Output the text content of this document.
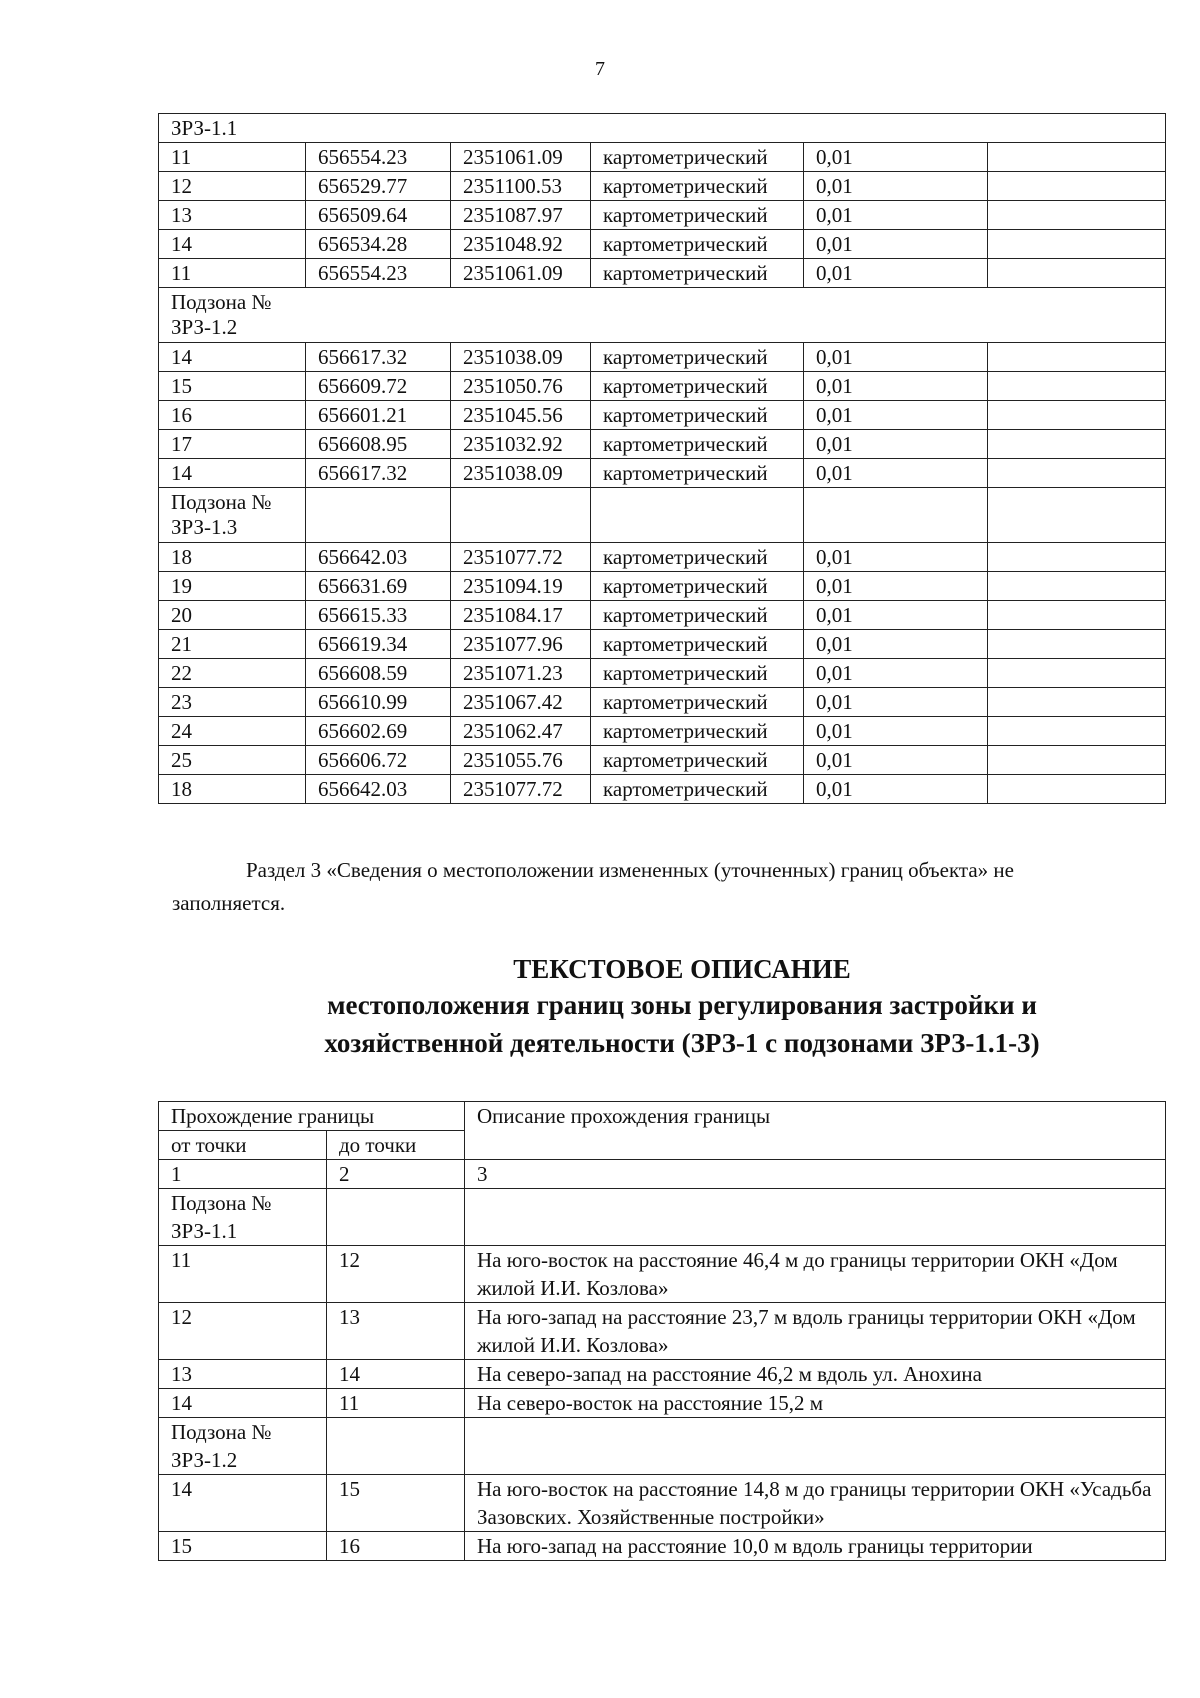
7
ЗРЗ-1.1					
11	656554.23	2351061.09	картометрический	0,01	
12	656529.77	2351100.53	картометрический	0,01	
13	656509.64	2351087.97	картометрический	0,01	
14	656534.28	2351048.92	картометрический	0,01	
11	656554.23	2351061.09	картометрический	0,01	
Подзона №
ЗРЗ-1.2					
14	656617.32	2351038.09	картометрический	0,01	
15	656609.72	2351050.76	картометрический	0,01	
16	656601.21	2351045.56	картометрический	0,01	
17	656608.95	2351032.92	картометрический	0,01	
14	656617.32	2351038.09	картометрический	0,01	
Подзона №
ЗРЗ-1.3					
18	656642.03	2351077.72	картометрический	0,01	
19	656631.69	2351094.19	картометрический	0,01	
20	656615.33	2351084.17	картометрический	0,01	
21	656619.34	2351077.96	картометрический	0,01	
22	656608.59	2351071.23	картометрический	0,01	
23	656610.99	2351067.42	картометрический	0,01	
24	656602.69	2351062.47	картометрический	0,01	
25	656606.72	2351055.76	картометрический	0,01	
18	656642.03	2351077.72	картометрический	0,01	
Раздел 3 «Сведения о местоположении измененных (уточненных) границ объекта» не
заполняется.
ТЕКСТОВОЕ ОПИСАНИЕ
местоположения границ зоны регулирования застройки и
хозяйственной деятельности (ЗРЗ-1 с подзонами ЗРЗ-1.1-3)
Прохождение границы		Описание прохождения границы
от точки	до точки	
1	2	3
Подзона №
ЗРЗ-1.1		
11	12	На юго-восток на расстояние 46,4 м до границы территории ОКН «Дом жилой И.И. Козлова»
12	13	На юго-запад на расстояние 23,7 м вдоль границы территории ОКН «Дом жилой И.И. Козлова»
13	14	На северо-запад на расстояние 46,2 м вдоль ул. Анохина
14	11	На северо-восток на расстояние 15,2 м
Подзона №
ЗРЗ-1.2		
14	15	На юго-восток на расстояние 14,8 м до границы территории ОКН «Усадьба Зазовских. Хозяйственные постройки»
15	16	На юго-запад на расстояние 10,0 м вдоль границы территории
